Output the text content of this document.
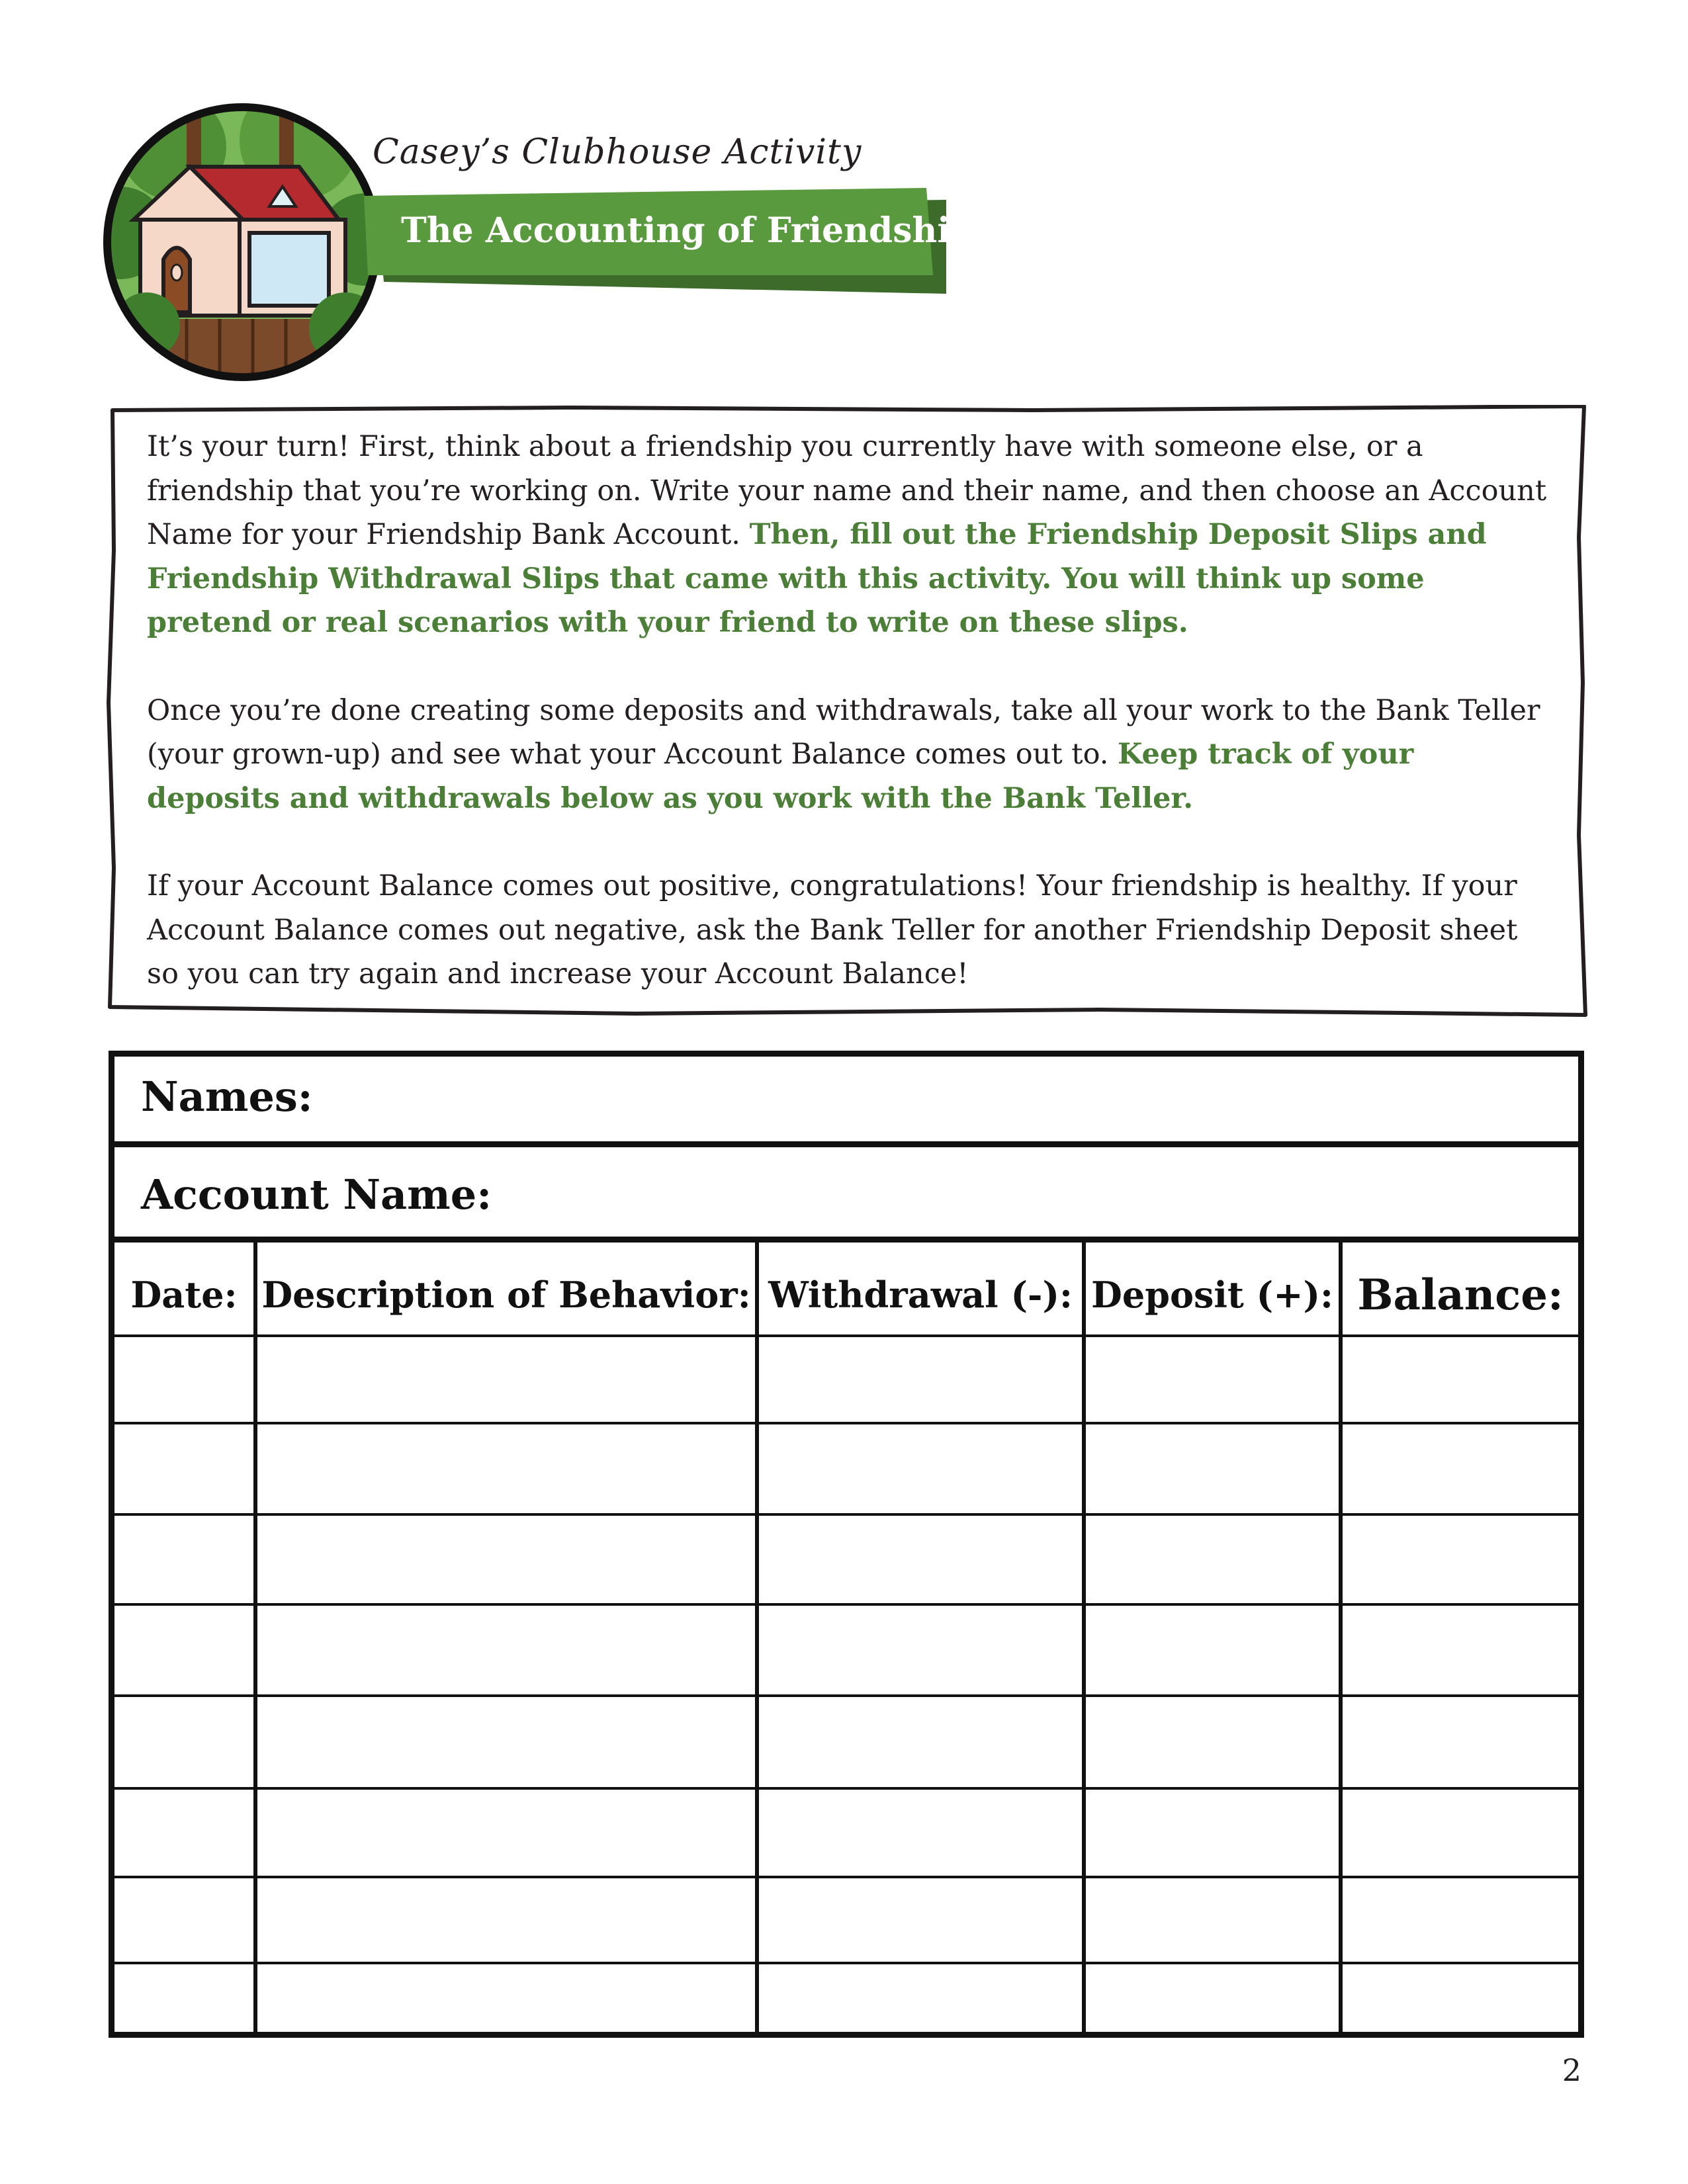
Casey’s Clubhouse Activity
The Accounting of Friendship

It’s your turn! First, think about a friendship you currently have with someone else, or a friendship that you’re working on. Write your name and their name, and then choose an Account Name for your Friendship Bank Account. Then, fill out the Friendship Deposit Slips and Friendship Withdrawal Slips that came with this activity. You will think up some pretend or real scenarios with your friend to write on these slips.

Once you’re done creating some deposits and withdrawals, take all your work to the Bank Teller (your grown-up) and see what your Account Balance comes out to. Keep track of your deposits and withdrawals below as you work with the Bank Teller.

If your Account Balance comes out positive, congratulations! Your friendship is healthy. If your Account Balance comes out negative, ask the Bank Teller for another Friendship Deposit sheet so you can try again and increase your Account Balance!

Names:
Account Name:
Date: Description of Behavior: Withdrawal (-): Deposit (+): Balance:
2
